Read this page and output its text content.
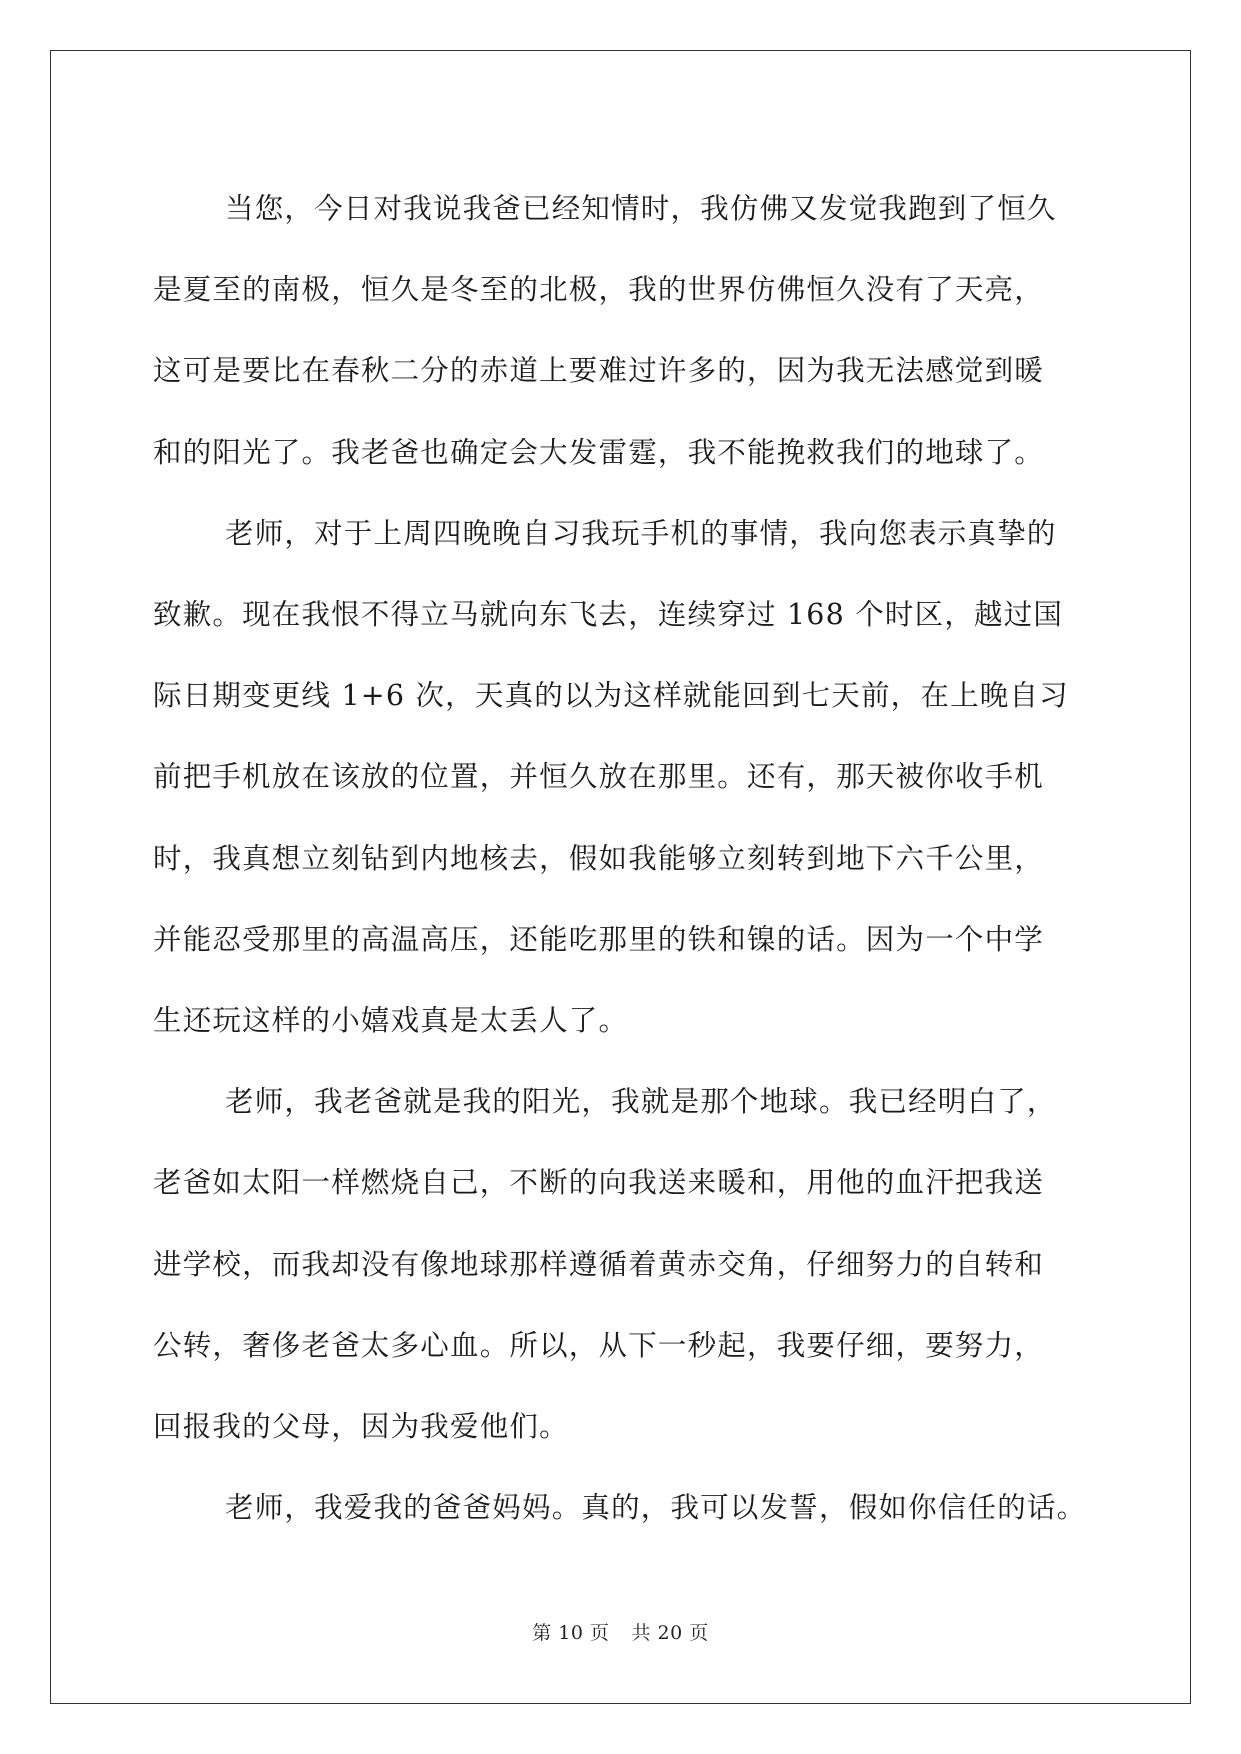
当您，今日对我说我爸已经知情时，我仿佛又发觉我跑到了恒久
是夏至的南极，恒久是冬至的北极，我的世界仿佛恒久没有了天亮，
这可是要比在春秋二分的赤道上要难过许多的，因为我无法感觉到暖
和的阳光了。我老爸也确定会大发雷霆，我不能挽救我们的地球了。

老师，对于上周四晚晚自习我玩手机的事情，我向您表示真挚的
致歉。现在我恨不得立马就向东飞去，连续穿过 168 个时区，越过国
际日期变更线 1+6 次，天真的以为这样就能回到七天前，在上晚自习
前把手机放在该放的位置，并恒久放在那里。还有，那天被你收手机
时，我真想立刻钻到内地核去，假如我能够立刻转到地下六千公里，
并能忍受那里的高温高压，还能吃那里的铁和镍的话。因为一个中学
生还玩这样的小嬉戏真是太丢人了。

老师，我老爸就是我的阳光，我就是那个地球。我已经明白了，
老爸如太阳一样燃烧自己，不断的向我送来暖和，用他的血汗把我送
进学校，而我却没有像地球那样遵循着黄赤交角，仔细努力的自转和
公转，奢侈老爸太多心血。所以，从下一秒起，我要仔细，要努力，
回报我的父母，因为我爱他们。

老师，我爱我的爸爸妈妈。真的，我可以发誓，假如你信任的话。

第 10 页 共 20 页
